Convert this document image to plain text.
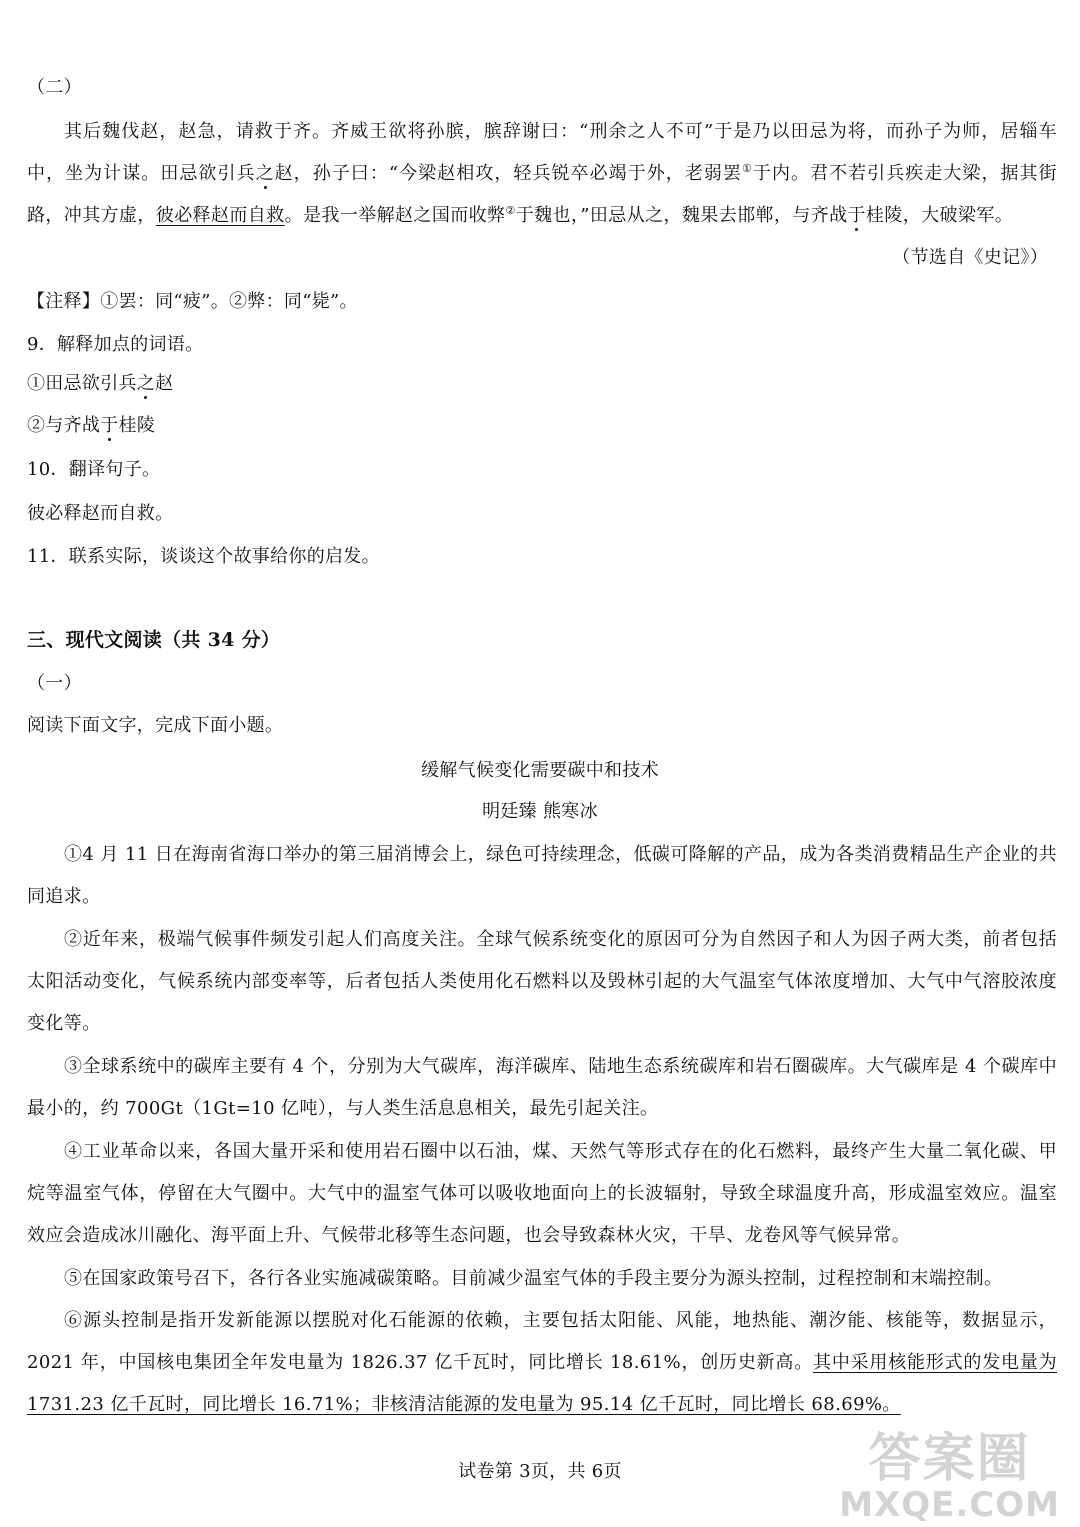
（二）
其后魏伐赵，赵急，请救于齐。齐威王欲将孙膑，膑辞谢曰：“刑余之人不可”于是乃以田忌为将，而孙子为师，居辎车中，坐为计谋。田忌欲引兵之赵，孙子曰：“今梁赵相攻，轻兵锐卒必竭于外，老弱罢①于内。君不若引兵疾走大梁，据其街路，冲其方虚，彼必释赵而自救。是我一举解赵之国而收弊②于魏也，”田忌从之，魏果去邯郸，与齐战于桂陵，大破梁军。
（节选自《史记》）
【注释】①罢：同“疲”。②弊：同“毙”。
9．解释加点的词语。
①田忌欲引兵之赵
②与齐战于桂陵
10．翻译句子。
彼必释赵而自救。
11．联系实际，谈谈这个故事给你的启发。
三、现代文阅读（共 34 分）
（一）
阅读下面文字，完成下面小题。
缓解气候变化需要碳中和技术
明廷臻 熊寒冰
①4 月 11 日在海南省海口举办的第三届消博会上，绿色可持续理念，低碳可降解的产品，成为各类消费精品生产企业的共同追求。
②近年来，极端气候事件频发引起人们高度关注。全球气候系统变化的原因可分为自然因子和人为因子两大类，前者包括太阳活动变化，气候系统内部变率等，后者包括人类使用化石燃料以及毁林引起的大气温室气体浓度增加、大气中气溶胶浓度变化等。
③全球系统中的碳库主要有 4 个，分别为大气碳库，海洋碳库、陆地生态系统碳库和岩石圈碳库。大气碳库是 4 个碳库中最小的，约 700Gt（1Gt=10 亿吨），与人类生活息息相关，最先引起关注。
④工业革命以来，各国大量开采和使用岩石圈中以石油，煤、天然气等形式存在的化石燃料，最终产生大量二氧化碳、甲烷等温室气体，停留在大气圈中。大气中的温室气体可以吸收地面向上的长波辐射，导致全球温度升高，形成温室效应。温室效应会造成冰川融化、海平面上升、气候带北移等生态问题，也会导致森林火灾，干旱、龙卷风等气候异常。
⑤在国家政策号召下，各行各业实施减碳策略。目前减少温室气体的手段主要分为源头控制，过程控制和末端控制。
⑥源头控制是指开发新能源以摆脱对化石能源的依赖，主要包括太阳能、风能，地热能、潮汐能、核能等，数据显示，2021 年，中国核电集团全年发电量为 1826.37 亿千瓦时，同比增长 18.61%，创历史新高。其中采用核能形式的发电量为 1731.23 亿千瓦时，同比增长 16.71%；非核清洁能源的发电量为 95.14 亿千瓦时，同比增长 68.69%。
试卷第 3页，共 6页	答案圈
MXQE.COM
